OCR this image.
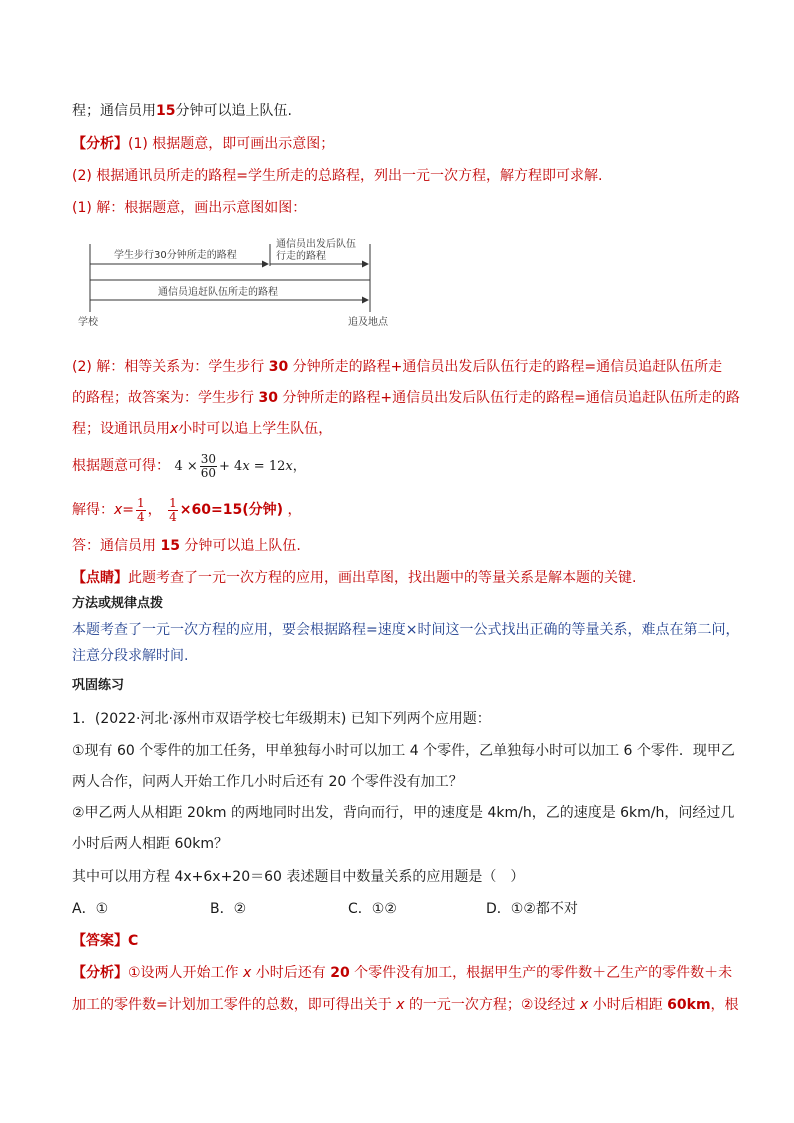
程；通信员用15分钟可以追上队伍.
【分析】(1) 根据题意，即可画出示意图；
(2) 根据通讯员所走的路程=学生所走的总路程，列出一元一次方程，解方程即可求解.
(1) 解：根据题意，画出示意图如图：
学生步行30分钟所走的路程
通信员出发后队伍
行走的路程
通信员追赶队伍所走的路程
学校	追及地点
(2) 解：相等关系为：学生步行 30 分钟所走的路程+通信员出发后队伍行走的路程=通信员追赶队伍所走
的路程；故答案为：学生步行 30 分钟所走的路程+通信员出发后队伍行走的路程=通信员追赶队伍所走的路
程；设通讯员用x小时可以追上学生队伍，
根据题意可得： $4 \times \frac{30}{60} + 4x = 12x$，
解得：$x= \frac{1}{4}$ ， $\frac{1}{4} \times 60=15$(分钟) ，
答：通信员用 15 分钟可以追上队伍.
【点睛】此题考查了一元一次方程的应用，画出草图，找出题中的等量关系是解本题的关键.
方法或规律点拨
本题考查了一元一次方程的应用，要会根据路程=速度×时间这一公式找出正确的等量关系，难点在第二问，
注意分段求解时间.
巩固练习
1．(2022·河北·涿州市双语学校七年级期末) 已知下列两个应用题：
①现有 60 个零件的加工任务，甲单独每小时可以加工 4 个零件，乙单独每小时可以加工 6 个零件．现甲乙
两人合作，问两人开始工作几小时后还有 20 个零件没有加工？
②甲乙两人从相距 20km 的两地同时出发，背向而行，甲的速度是 4km/h，乙的速度是 6km/h，问经过几
小时后两人相距 60km？
其中可以用方程 4x+6x+20＝60 表述题目中数量关系的应用题是（　）
A．①	B．②	C．①②	D．①②都不对
【答案】C
【分析】①设两人开始工作 x 小时后还有 20 个零件没有加工，根据甲生产的零件数＋乙生产的零件数＋未
加工的零件数=计划加工零件的总数，即可得出关于 x 的一元一次方程；②设经过 x 小时后相距 60km，根
